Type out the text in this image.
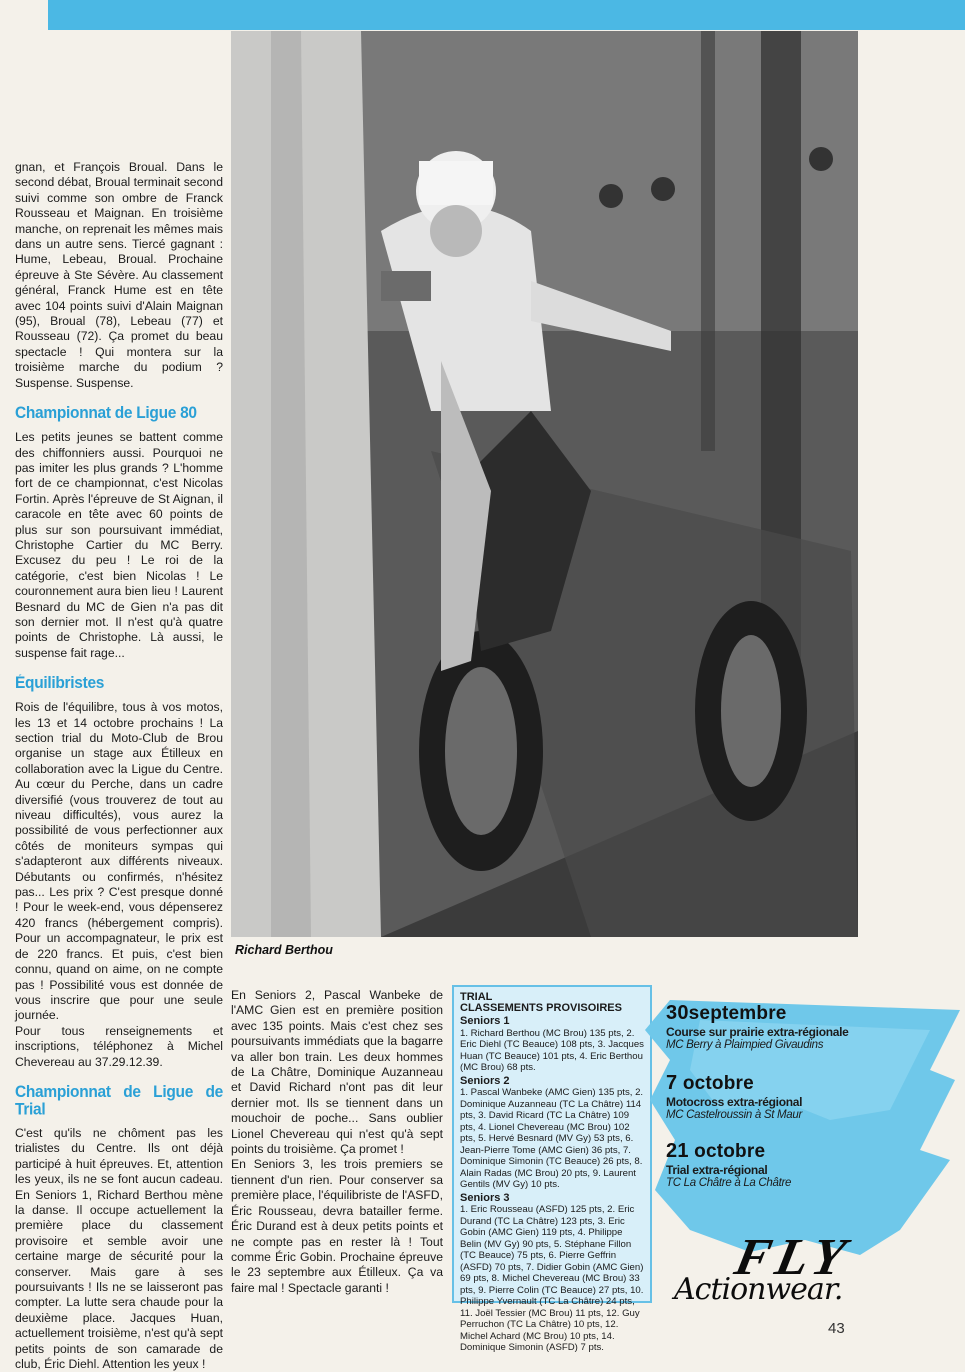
gnan, et François Broual. Dans le second débat, Broual terminait second suivi comme son ombre de Franck Rousseau et Maignan. En troisième manche, on reprenait les mêmes mais dans un autre sens. Tiercé gagnant : Hume, Lebeau, Broual. Prochaine épreuve à Ste Sévère. Au classement général, Franck Hume est en tête avec 104 points suivi d'Alain Maignan (95), Broual (78), Lebeau (77) et Rousseau (72). Ça promet du beau spectacle ! Qui montera sur la troisième marche du podium ? Suspense. Suspense.

Championnat de Ligue 80

Les petits jeunes se battent comme des chiffonniers aussi. Pourquoi ne pas imiter les plus grands ? L'homme fort de ce championnat, c'est Nicolas Fortin. Après l'épreuve de St Aignan, il caracole en tête avec 60 points de plus sur son poursuivant immédiat, Christophe Cartier du MC Berry. Excusez du peu ! Le roi de la catégorie, c'est bien Nicolas ! Le couronnement aura bien lieu ! Laurent Besnard du MC de Gien n'a pas dit son dernier mot. Il n'est qu'à quatre points de Christophe. Là aussi, le suspense fait rage...

Équilibristes

Rois de l'équilibre, tous à vos motos, les 13 et 14 octobre prochains ! La section trial du Moto-Club de Brou organise un stage aux Étilleux en collaboration avec la Ligue du Centre. Au cœur du Perche, dans un cadre diversifié (vous trouverez de tout au niveau difficultés), vous aurez la possibilité de vous perfectionner aux côtés de moniteurs sympas qui s'adapteront aux différents niveaux. Débutants ou confirmés, n'hésitez pas... Les prix ? C'est presque donné ! Pour le week-end, vous dépenserez 420 francs (hébergement compris). Pour un accompagnateur, le prix est de 220 francs. Et puis, c'est bien connu, quand on aime, on ne compte pas ! Possibilité vous est donnée de vous inscrire que pour une seule journée.

Pour tous renseignements et inscriptions, téléphonez à Michel Chevereau au 37.29.12.39.

Championnat de Ligue de Trial

C'est qu'ils ne chôment pas les trialistes du Centre. Ils ont déjà participé à huit épreuves. Et, attention les yeux, ils ne se font aucun cadeau. En Seniors 1, Richard Berthou mène la danse. Il occupe actuellement la première place du classement provisoire et semble avoir une certaine marge de sécurité pour la conserver. Mais gare à ses poursuivants ! Ils ne se laisseront pas compter. La lutte sera chaude pour la deuxième place. Jacques Huan, actuellement troisième, n'est qu'à sept petits points de son camarade de club, Éric Diehl. Attention les yeux !

Richard Berthou

En Seniors 2, Pascal Wanbeke de l'AMC Gien est en première position avec 135 points. Mais c'est chez ses poursuivants immédiats que la bagarre va aller bon train. Les deux hommes de La Châtre, Dominique Auzanneau et David Richard n'ont pas dit leur dernier mot. Ils se tiennent dans un mouchoir de poche... Sans oublier Lionel Chevereau qui n'est qu'à sept points du troisième. Ça promet !

En Seniors 3, les trois premiers se tiennent d'un rien. Pour conserver sa première place, l'équilibriste de l'ASFD, Éric Rousseau, devra batailler ferme. Éric Durand est à deux petits points et ne compte pas en rester là ! Tout comme Éric Gobin. Prochaine épreuve le 23 septembre aux Étilleux. Ça va faire mal ! Spectacle garanti !

TRIAL
CLASSEMENTS PROVISOIRES
Seniors 1

1. Richard Berthou (MC Brou) 135 pts, 2. Eric Diehl (TC Beauce) 108 pts, 3. Jacques Huan (TC Beauce) 101 pts, 4. Eric Berthou (MC Brou) 68 pts.

Seniors 2

1. Pascal Wanbeke (AMC Gien) 135 pts, 2. Dominique Auzanneau (TC La Châtre) 114 pts, 3. David Ricard (TC La Châtre) 109 pts, 4. Lionel Chevereau (MC Brou) 102 pts, 5. Hervé Besnard (MV Gy) 53 pts, 6. Jean-Pierre Tome (AMC Gien) 36 pts, 7. Dominique Simonin (TC Beauce) 26 pts, 8. Alain Radas (MC Brou) 20 pts, 9. Laurent Gentils (MV Gy) 10 pts.

Seniors 3

1. Eric Rousseau (ASFD) 125 pts, 2. Eric Durand (TC La Châtre) 123 pts, 3. Eric Gobin (AMC Gien) 119 pts, 4. Philippe Belin (MV Gy) 90 pts, 5. Stéphane Fillon (TC Beauce) 75 pts, 6. Pierre Geffrin (ASFD) 70 pts, 7. Didier Gobin (AMC Gien) 69 pts, 8. Michel Chevereau (MC Brou) 33 pts, 9. Pierre Colin (TC Beauce) 27 pts, 10. Philippe Yvernault (TC La Châtre) 24 pts, 11. Joël Tessier (MC Brou) 11 pts, 12. Guy Perruchon (TC La Châtre) 10 pts, 12. Michel Achard (MC Brou) 10 pts, 14. Dominique Simonin (ASFD) 7 pts.

30septembre
Course sur prairie extra-régionale
MC Berry à Plaimpied Givaudins
7 octobre
Motocross extra-régional
MC Castelroussin à St Maur
21 octobre
Trial extra-régional
TC La Châtre à La Châtre
FLY
Actionwear.
43
